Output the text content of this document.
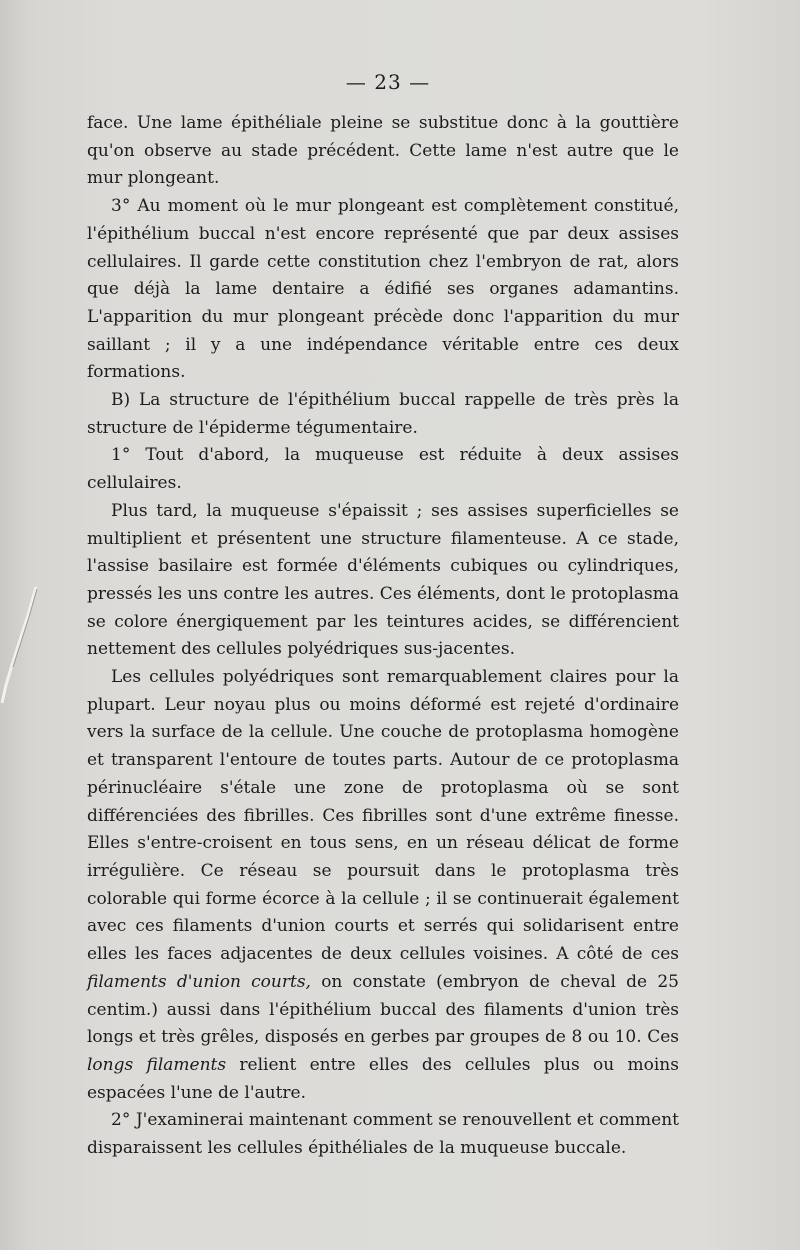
— 23 —

face. Une lame épithéliale pleine se substitue donc à la gouttière qu'on observe au stade précédent. Cette lame n'est autre que le mur plongeant.

3° Au moment où le mur plongeant est complètement constitué, l'épithélium buccal n'est encore représenté que par deux assises cellulaires. Il garde cette constitution chez l'embryon de rat, alors que déjà la lame dentaire a édifié ses organes adamantins. L'apparition du mur plongeant précède donc l'apparition du mur saillant ; il y a une indépendance véritable entre ces deux formations.

B) La structure de l'épithélium buccal rappelle de très près la structure de l'épiderme tégumentaire.

1° Tout d'abord, la muqueuse est réduite à deux assises cellulaires.

Plus tard, la muqueuse s'épaissit ; ses assises superficielles se multiplient et présentent une structure filamenteuse. A ce stade, l'assise basilaire est formée d'éléments cubiques ou cylindriques, pressés les uns contre les autres. Ces éléments, dont le protoplasma se colore énergiquement par les teintures acides, se différencient nettement des cellules polyédriques sus-jacentes.

Les cellules polyédriques sont remarquablement claires pour la plupart. Leur noyau plus ou moins déformé est rejeté d'ordinaire vers la surface de la cellule. Une couche de protoplasma homogène et transparent l'entoure de toutes parts. Autour de ce protoplasma périnucléaire s'étale une zone de protoplasma où se sont différenciées des fibrilles. Ces fibrilles sont d'une extrême finesse. Elles s'entre-croisent en tous sens, en un réseau délicat de forme irrégulière. Ce réseau se poursuit dans le protoplasma très colorable qui forme écorce à la cellule ; il se continuerait également avec ces filaments d'union courts et serrés qui solidarisent entre elles les faces adjacentes de deux cellules voisines. A côté de ces filaments d'union courts, on constate (embryon de cheval de 25 centim.) aussi dans l'épithélium buccal des filaments d'union très longs et très grêles, disposés en gerbes par groupes de 8 ou 10. Ces longs filaments relient entre elles des cellules plus ou moins espacées l'une de l'autre.

2° J'examinerai maintenant comment se renouvellent et comment disparaissent les cellules épithéliales de la muqueuse buccale.
